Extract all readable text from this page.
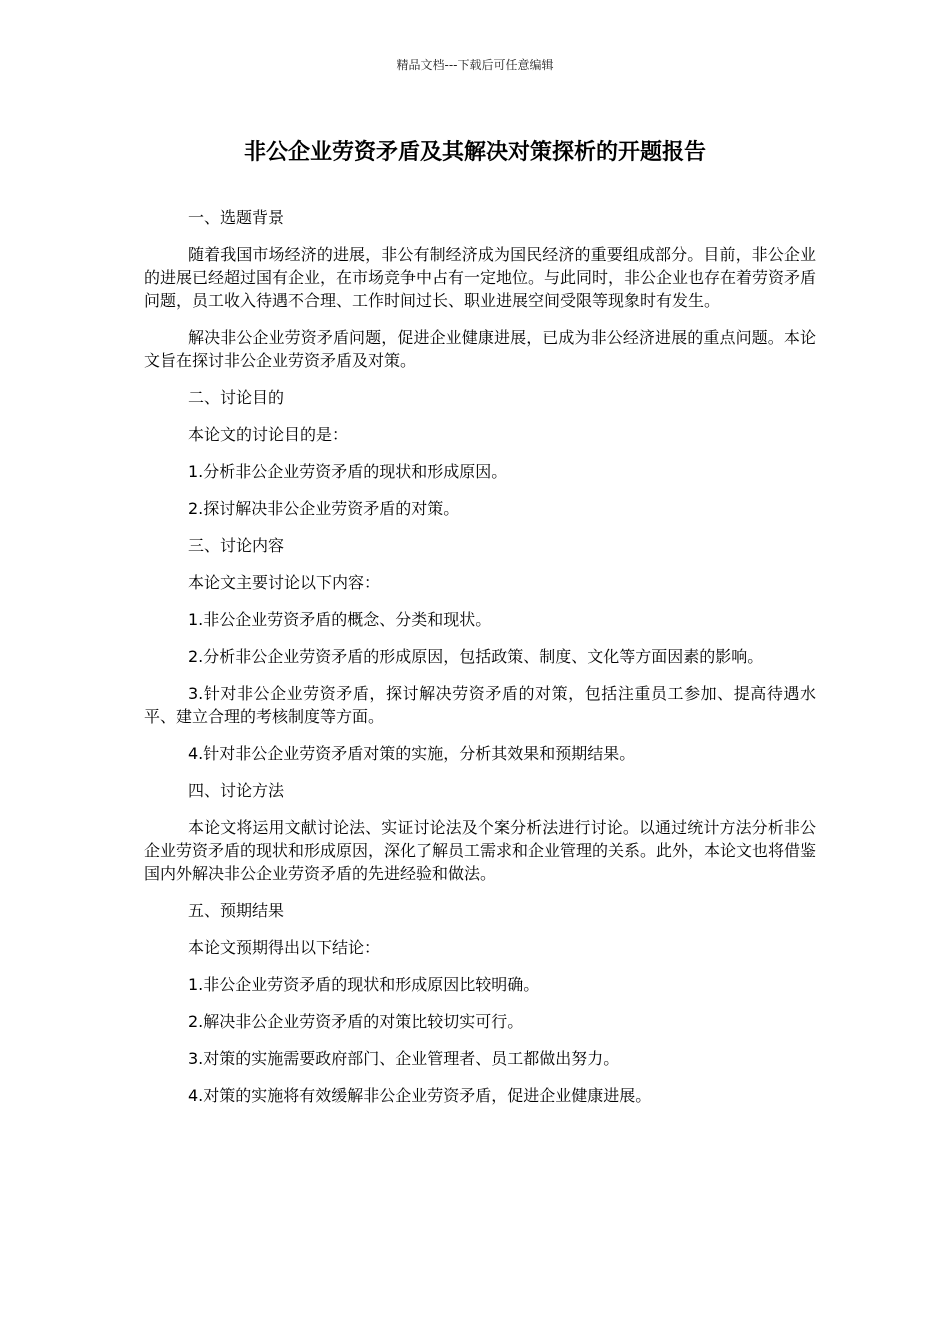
精品文档---下载后可任意编辑
非公企业劳资矛盾及其解决对策探析的开题报告

一、选题背景

随着我国市场经济的进展，非公有制经济成为国民经济的重要组成部分。目前，非公企业的进展已经超过国有企业，在市场竞争中占有一定地位。与此同时，非公企业也存在着劳资矛盾问题，员工收入待遇不合理、工作时间过长、职业进展空间受限等现象时有发生。

解决非公企业劳资矛盾问题，促进企业健康进展，已成为非公经济进展的重点问题。本论文旨在探讨非公企业劳资矛盾及对策。

二、讨论目的

本论文的讨论目的是：

1.分析非公企业劳资矛盾的现状和形成原因。

2.探讨解决非公企业劳资矛盾的对策。

三、讨论内容

本论文主要讨论以下内容：

1.非公企业劳资矛盾的概念、分类和现状。

2.分析非公企业劳资矛盾的形成原因，包括政策、制度、文化等方面因素的影响。

3.针对非公企业劳资矛盾，探讨解决劳资矛盾的对策，包括注重员工参加、提高待遇水平、建立合理的考核制度等方面。

4.针对非公企业劳资矛盾对策的实施，分析其效果和预期结果。

四、讨论方法

本论文将运用文献讨论法、实证讨论法及个案分析法进行讨论。以通过统计方法分析非公企业劳资矛盾的现状和形成原因，深化了解员工需求和企业管理的关系。此外，本论文也将借鉴国内外解决非公企业劳资矛盾的先进经验和做法。

五、预期结果

本论文预期得出以下结论：

1.非公企业劳资矛盾的现状和形成原因比较明确。

2.解决非公企业劳资矛盾的对策比较切实可行。

3.对策的实施需要政府部门、企业管理者、员工都做出努力。

4.对策的实施将有效缓解非公企业劳资矛盾，促进企业健康进展。
